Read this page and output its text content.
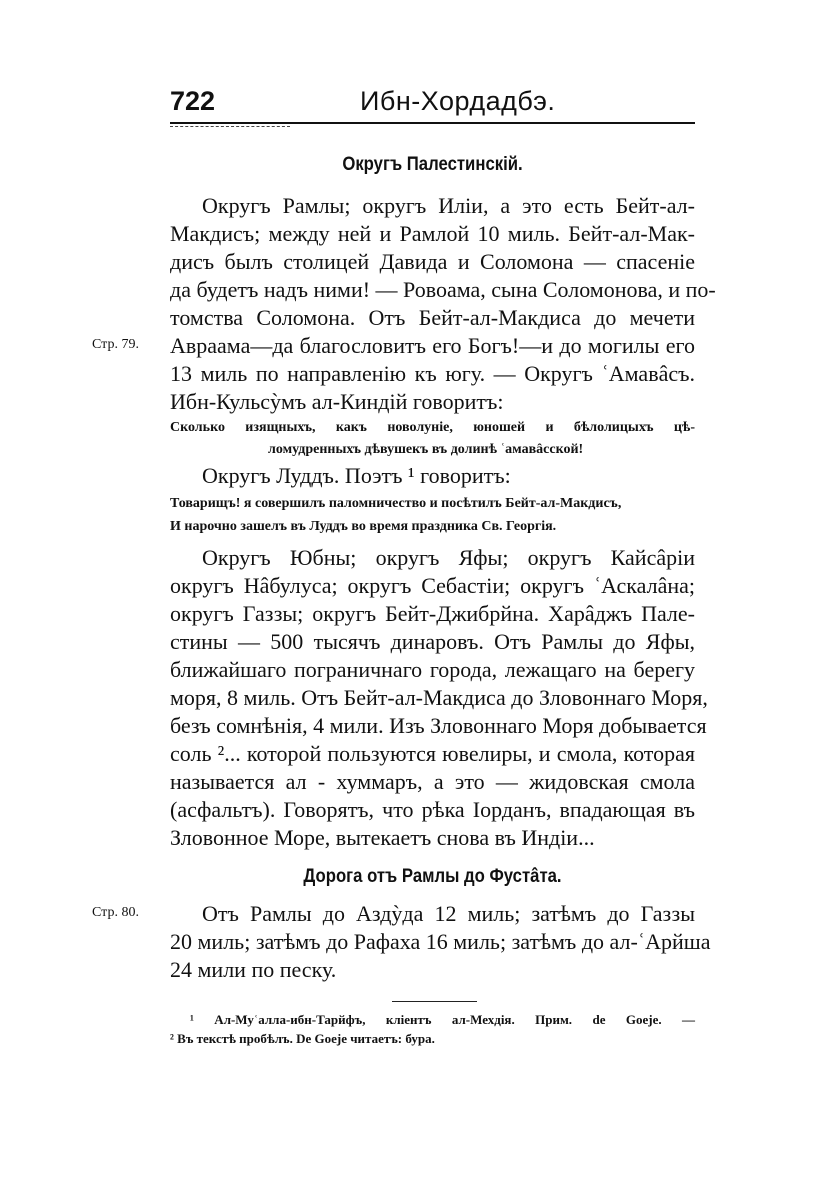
722	Ибн-Хордадбэ.
Округъ Палестинскій.
Округъ Рамлы; округъ Иліи, а это есть Бейт-ал-
Макдисъ; между ней и Рамлой 10 миль. Бейт-ал-Мак-
дисъ былъ столицей Давида и Соломона — спасеніе
да будетъ надъ ними! — Ровоама, сына Соломонова, и по-
томства Соломона. Отъ Бейт-ал-Макдиса до мечети
Стр. 79. Авраама—да благословитъ его Богъ!—и до могилы его
13 миль по направленію къ югу. — Округъ ʿАмавâсъ.
Ибн-Кульсỳмъ ал-Киндій говоритъ:
Сколько изящныхъ, какъ новолуніе, юношей и бѣлолицыхъ цѣ-
ломудренныхъ дѣвушекъ въ долинѣ ʿамавâсской!
Округъ Луддъ. Поэтъ ¹ говоритъ:
Товарищъ! я совершилъ паломничество и посѣтилъ Бейт-ал-Макдисъ,
И нарочно зашелъ въ Луддъ во время праздника Св. Георгія.
Округъ Юбны; округъ Яфы; округъ Кайсâріи
округъ Нâбулуса; округъ Себастіи; округъ ʿАскалâна;
округъ Газзы; округъ Бейт-Джибрйна. Харâджъ Пале-
стины — 500 тысячъ динаровъ. Отъ Рамлы до Яфы,
ближайшаго пограничнаго города, лежащаго на берегу
моря, 8 миль. Отъ Бейт-ал-Макдиса до Зловоннаго Моря,
безъ сомнѣнія, 4 мили. Изъ Зловоннаго Моря добывается
соль ²... которой пользуются ювелиры, и смола, которая
называется ал - хуммаръ, а это — жидовская смола
(асфальтъ). Говорятъ, что рѣка Іорданъ, впадающая въ
Зловонное Море, вытекаетъ снова въ Индіи...
Дорога отъ Рамлы до Фустâта.
Стр. 80.	Отъ Рамлы до Аздỳда 12 миль; затѣмъ до Газзы
20 миль; затѣмъ до Рафаха 16 миль; затѣмъ до ал-ʿАрйша
24 мили по песку.
¹ Ал-Муʿалла-ибн-Тарйфъ, кліентъ ал-Мехдія. Прим. de Goeje. —
² Въ текстѣ пробѣлъ. De Goeje читаетъ: бура.
